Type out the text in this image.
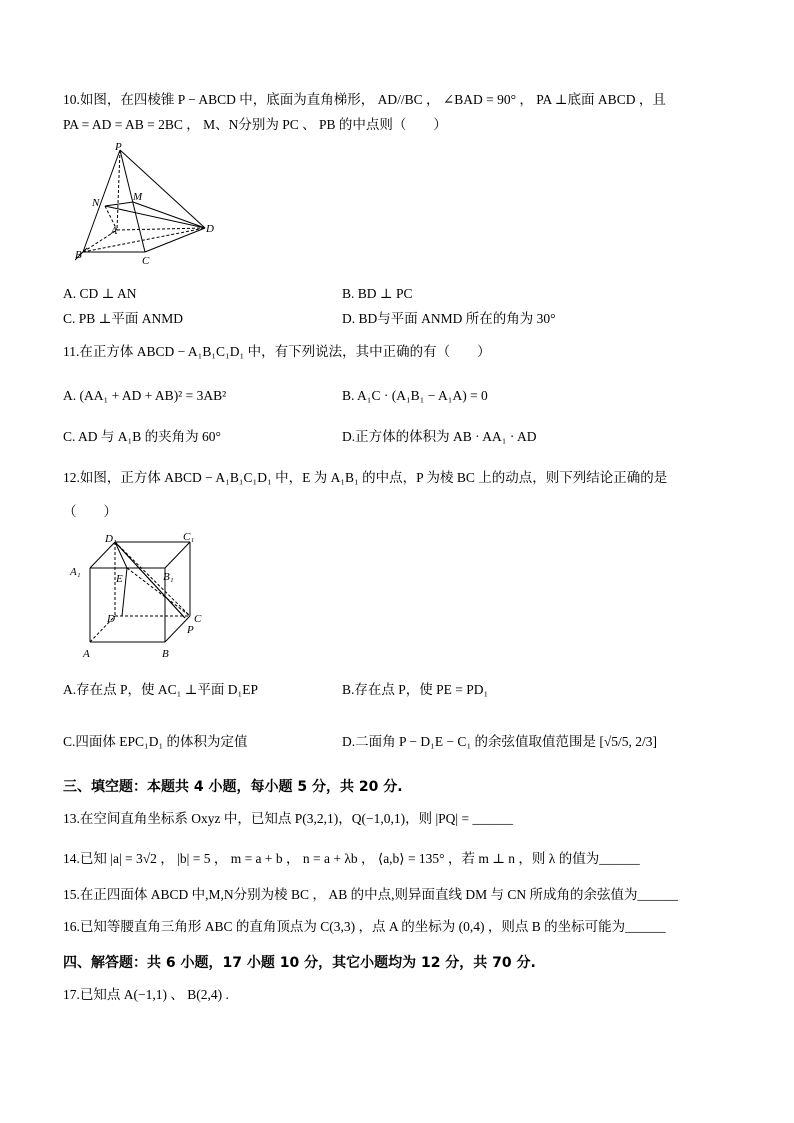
10.如图，在四棱锥 P − ABCD 中，底面为直角梯形， AD//BC ， ∠BAD = 90° ， PA ⊥底面 ABCD ，且
PA = AD = AB = 2BC ， M、N分别为 PC 、 PB 的中点则（　　）
P
N	M
A
B	C
D
A. CD ⊥ AN	B. BD ⊥ PC
C. PB ⊥平面 ANMD	D. BD与平面 ANMD 所在的角为 30°
11.在正方体 ABCD − A₁B₁C₁D₁ 中，有下列说法，其中正确的有（　　）
A. (AA₁ + AD + AB)² = 3AB²	B. A₁C · (A₁B₁ − A₁A) = 0
C. AD 与 A₁B 的夹角为 60°	D.正方体的体积为 AB · AA₁ · AD
12.如图，正方体 ABCD − A₁B₁C₁D₁ 中，E 为 A₁B₁ 的中点，P 为棱 BC 上的动点，则下列结论正确的是
（　　）
D₁	C₁
A₁	B₁
E
D	C
P
A	B
A.存在点 P，使 AC₁ ⊥平面 D₁EP	B.存在点 P，使 PE = PD₁
C.四面体 EPC₁D₁ 的体积为定值	D.二面角 P − D₁E − C₁ 的余弦值取值范围是 [√5/5, 2/3]
三、填空题：本题共 4 小题，每小题 5 分，共 20 分.
13.在空间直角坐标系 Oxyz 中，已知点 P(3,2,1)，Q(−1,0,1)，则 |PQ| = ______
14.已知 |a| = 3√2 ， |b| = 5 ， m = a + b ， n = a + λb ， ⟨a,b⟩ = 135° ，若 m ⊥ n ，则 λ 的值为______
15.在正四面体 ABCD 中,M,N分别为棱 BC ， AB 的中点,则异面直线 DM 与 CN 所成角的余弦值为______
16.已知等腰直角三角形 ABC 的直角顶点为 C(3,3) ，点 A 的坐标为 (0,4) ，则点 B 的坐标可能为______
四、解答题：共 6 小题，17 小题 10 分，其它小题均为 12 分，共 70 分.
17.已知点 A(−1,1) 、 B(2,4) .
